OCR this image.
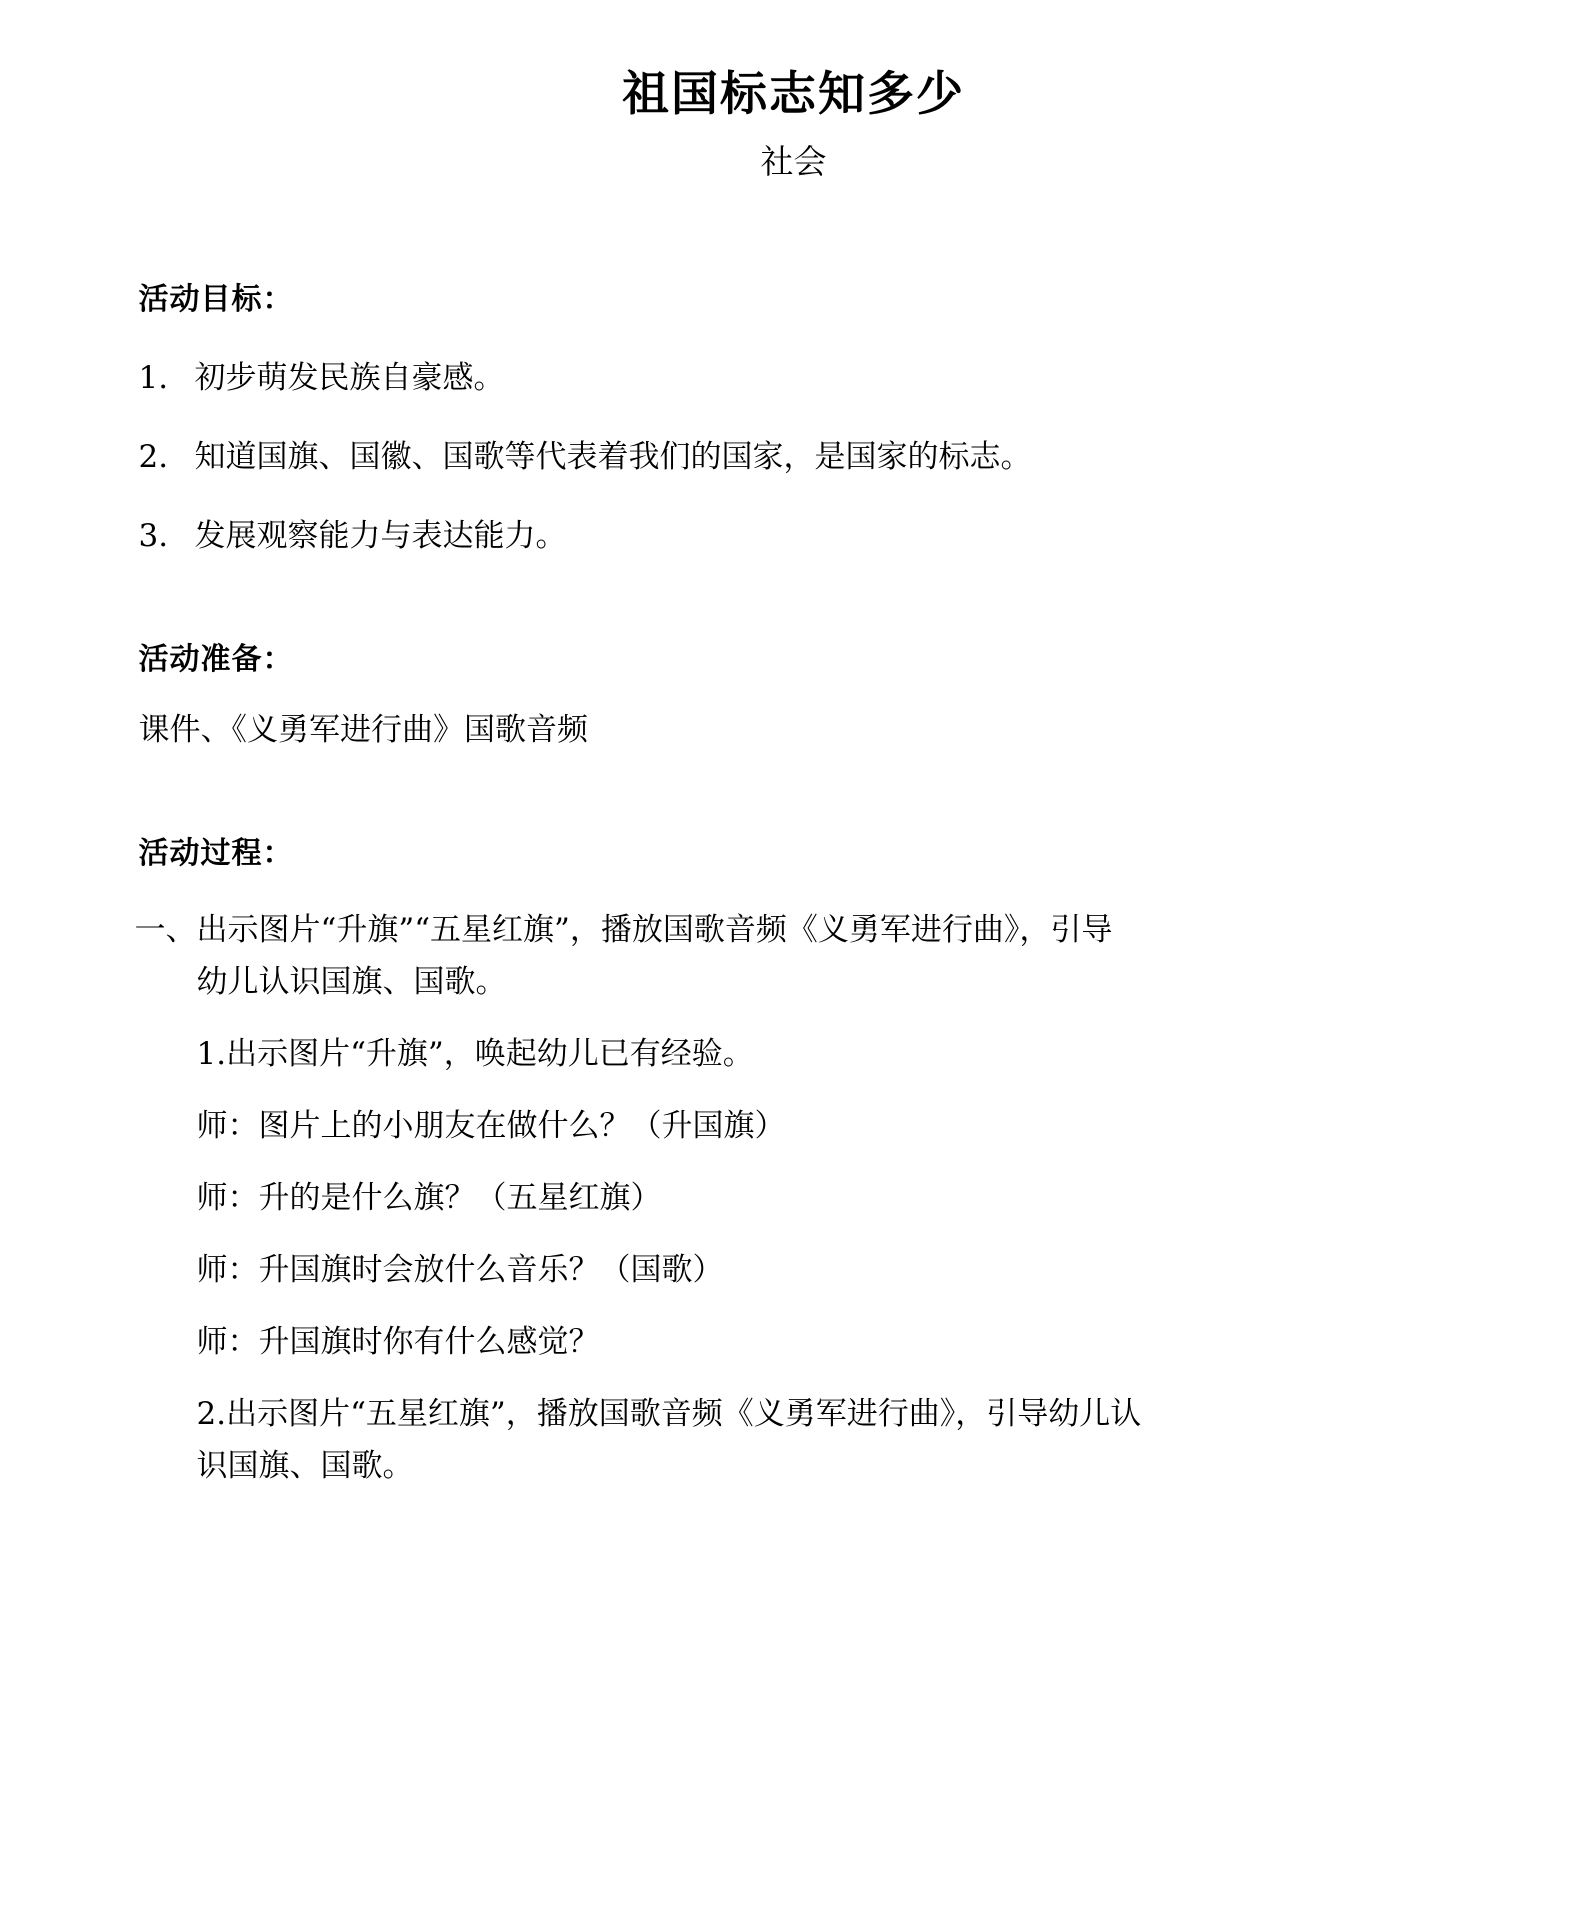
祖国标志知多少
社会
活动目标：
1. 初步萌发民族自豪感。
2. 知道国旗、国徽、国歌等代表着我们的国家，是国家的标志。
3. 发展观察能力与表达能力。
活动准备：
课件、《义勇军进行曲》国歌音频
活动过程：
一、出示图片“升旗”“五星红旗”，播放国歌音频《义勇军进行曲》，引导
幼儿认识国旗、国歌。
1.出示图片“升旗”，唤起幼儿已有经验。
师：图片上的小朋友在做什么？（升国旗）
师：升的是什么旗？（五星红旗）
师：升国旗时会放什么音乐？（国歌）
师：升国旗时你有什么感觉？
2.出示图片“五星红旗”，播放国歌音频《义勇军进行曲》，引导幼儿认
识国旗、国歌。
